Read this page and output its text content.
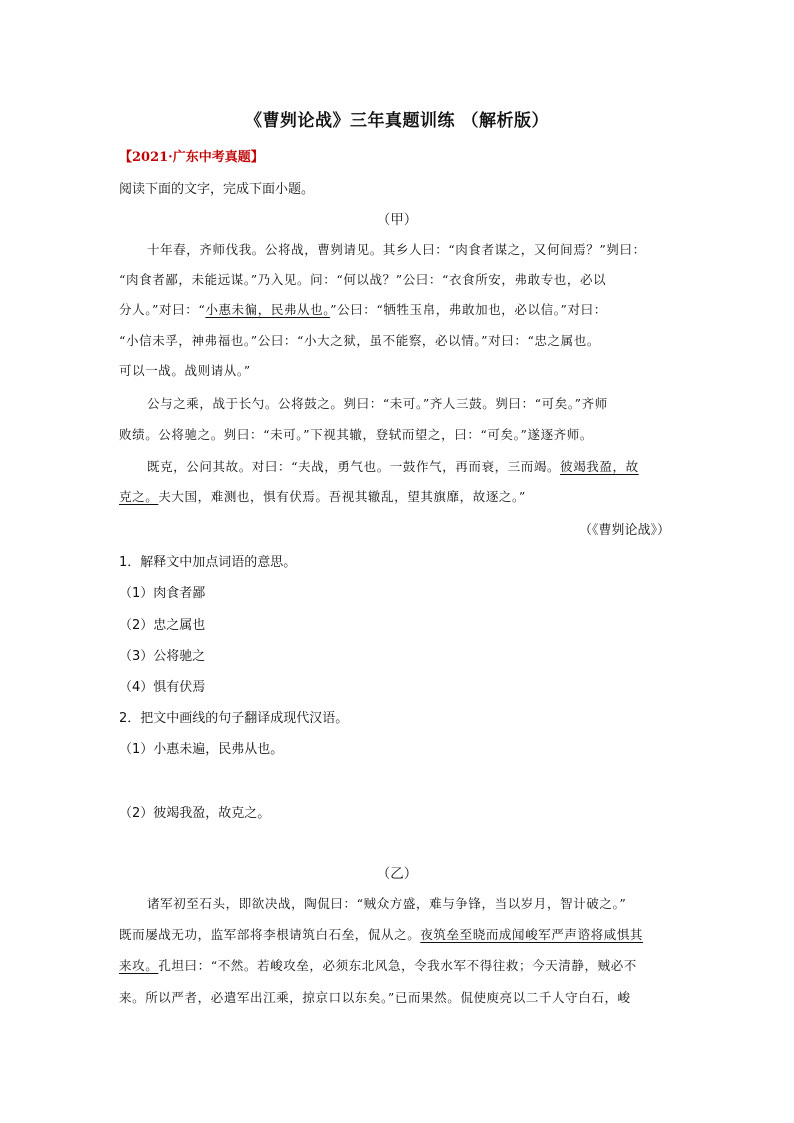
《曹刿论战》三年真题训练 （解析版）
【2021·广东中考真题】
阅读下面的文字，完成下面小题。
（甲）
十年春，齐师伐我。公将战，曹刿请见。其乡人曰：“肉食者谋之，又何间焉？”刿曰：
“肉食者鄙，未能远谋。”乃入见。问：“何以战？”公曰：“衣食所安，弗敢专也，必以
分人。”对曰：“小惠未徧，民弗从也。”公曰：“牺牲玉帛，弗敢加也，必以信。”对曰：
“小信未孚，神弗福也。”公曰：“小大之狱，虽不能察，必以情。”对曰：“忠之属也。
可以一战。战则请从。”
公与之乘，战于长勺。公将鼓之。刿曰：“未可。”齐人三鼓。刿曰：“可矣。”齐师
败绩。公将驰之。刿曰：“未可。”下视其辙，登轼而望之，曰：“可矣。”遂逐齐师。
既克，公问其故。对曰：“夫战，勇气也。一鼓作气，再而衰，三而竭。彼竭我盈，故
克之。夫大国，难测也，惧有伏焉。吾视其辙乱，望其旗靡，故逐之。”
（《曹刿论战》）
1．解释文中加点词语的意思。
（1）肉食者鄙
（2）忠之属也
（3）公将驰之
（4）惧有伏焉
2．把文中画线的句子翻译成现代汉语。
（1）小惠未遍，民弗从也。
（2）彼竭我盈，故克之。
（乙）
诸军初至石头，即欲决战，陶侃曰：“贼众方盛，难与争锋，当以岁月，智计破之。”
既而屡战无功，监军部将李根请筑白石垒，侃从之。夜筑垒至晓而成闻峻军严声谘将咸惧其
来攻。孔坦曰：“不然。若峻攻垒，必须东北风急，令我水军不得往救；今天清静，贼必不
来。所以严者，必遣军出江乘，掠京口以东矣。”已而果然。侃使庾亮以二千人守白石，峻
